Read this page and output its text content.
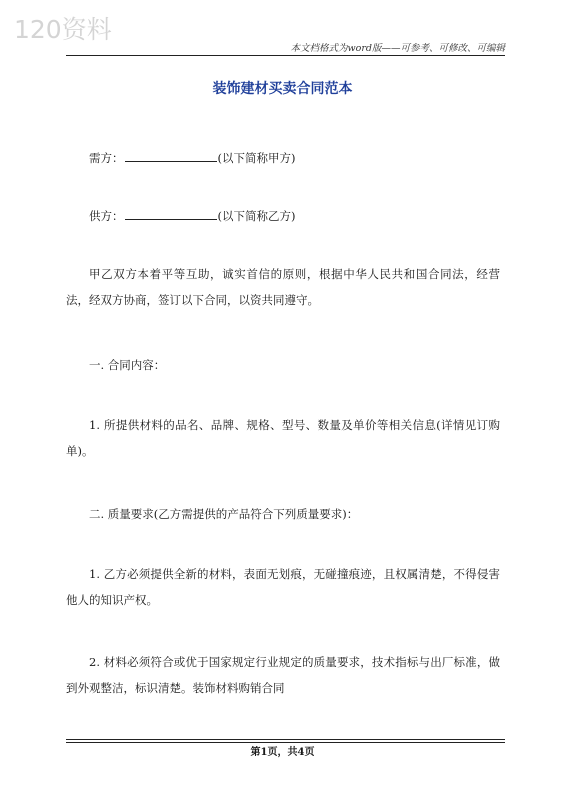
120资料
本文档格式为word版——可参考、可修改、可编辑
装饰建材买卖合同范本

需方：	(以下简称甲方)

供方：	(以下简称乙方)

甲乙双方本着平等互助，诚实首信的原则，根据中华人民共和国合同法，经营法，经双方协商，签订以下合同，以资共同遵守。

一. 合同内容：

1. 所提供材料的品名、品牌、规格、型号、数量及单价等相关信息(详情见订购单)。

二. 质量要求(乙方需提供的产品符合下列质量要求)：

1. 乙方必须提供全新的材料，表面无划痕，无碰撞痕迹，且权属清楚，不得侵害他人的知识产权。

2. 材料必须符合或优于国家规定行业规定的质量要求，技术指标与出厂标准，做到外观整洁，标识清楚。装饰材料购销合同

第1页，共4页
